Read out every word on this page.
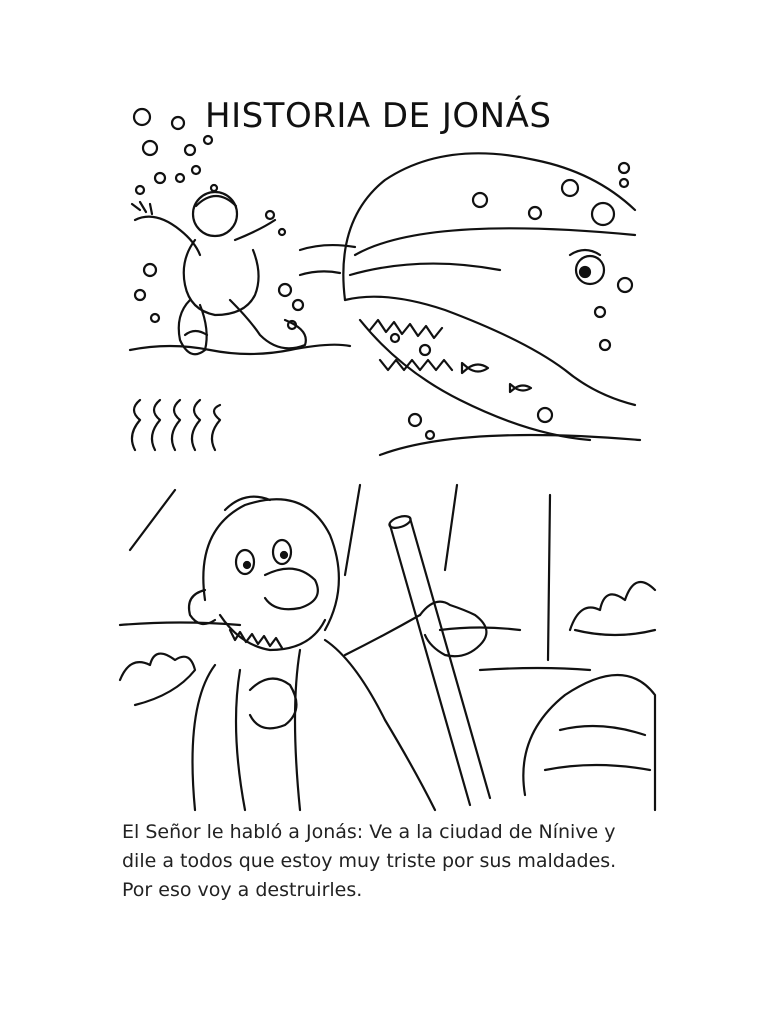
HISTORIA DE JONÁS
El Señor le habló a Jonás: Ve a la ciudad de Nínive y
dile a todos que estoy muy triste por sus maldades.
Por eso voy a destruirles.
